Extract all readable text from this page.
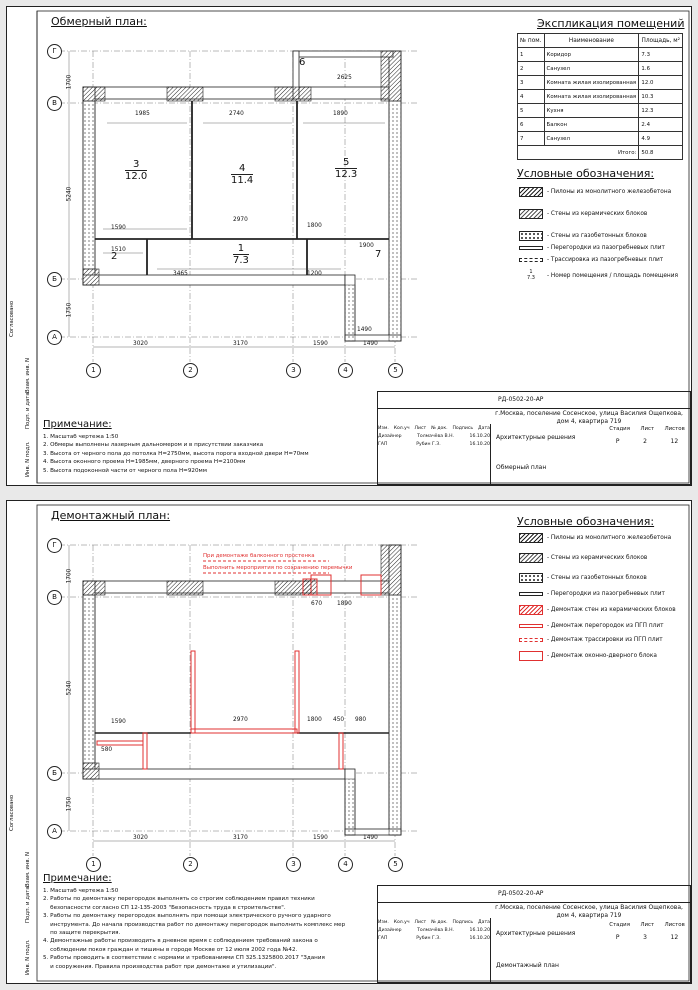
Обмерный план:
Г
В
Б
А
1	2	3	4	5
3020	3170	1590	1490
1700
5240
1750
1985	2740	1890
1590
1510
2970
1800
2625
1900
3465	1200
1490
3
12.0
4
11.4
5
12.3
1
7.3
2
6
7
Экспликация помещений
№ пом.	Наименование	Площадь, м²
1	Коридор	7.3
2	Санузел	1.6
3	Комната жилая изолированная	12.0
4	Комната жилая изолированная	10.3
5	Кухня	12.3
6	Балкон	2.4
7	Санузел	4.9
Итого:		50.8
Условные обозначения:
- Пилоны из монолитного железобетона
- Стены из керамических блоков
- Стены из газобетонных блоков
- Перегородки из пазогребневых плит
- Трассировка из пазогребневых плит
1
7.3	- Номер помещения / площадь помещения
Примечание:
1. Масштаб чертежа 1:50
2. Обмеры выполнены лазерным дальномером и в присутствии заказчика
3. Высота от черного пола до потолка H=2750мм, высота порога входной двери H=70мм
4. Высота оконного проема H=1985мм, дверного проема H=2100мм
5. Высота подоконной части от черного пола H=920мм
РД-0502-20-АР
г.Москва, поселение Сосенское, улица Василия Ощепкова, дом 4, квартира 719
Изм. Кол.уч Лист № док. Подпись Дата
Дизайнер	Толмачёва В.Н.	16.10.20
ГАП	Рубин Г.З.	16.10.20
Архитектурные решения
Обмерный план
Стадия Лист Листов
Р	2	12
Согласовано
Взам. инв. N
Подп. и дата
Инв. N подл.
Демонтажный план:
При демонтаже балконного простенка
Выполнить мероприятия по сохранению перемычки
Г
В
Б
А
1	2	3	4	5
3020	3170	1590	1490
1700
5240
1750
1590	2970	1800 450 980
580
670	1890
Условные обозначения:
- Пилоны из монолитного железобетона
- Стены из керамических блоков
- Стены из газобетонных блоков
- Перегородки из пазогребневых плит
- Демонтаж стен из керамических блоков
- Демонтаж перегородок из ПГП плит
- Демонтаж трассировки из ПГП плит
- Демонтаж оконно-дверного блока
Примечание:
1. Масштаб чертежа 1:50
2. Работы по демонтажу перегородок выполнять со строгим соблюдением правил техники
безопасности согласно СП 12-135-2003 "Безопасность труда в строительстве".
3. Работы по демонтажу перегородок выполнять при помощи электрического ручного ударного
инструмента. До начала производства работ по демонтажу перегородок выполнить комплекс мер
по защите перекрытия.
4. Демонтажные работы производить в дневное время с соблюдением требований закона о
соблюдении покоя граждан и тишины в городе Москве от 12 июля 2002 года №42.
5. Работы проводить в соответствии с нормами и требованиями СП 325.1325800.2017 "Здания
и сооружения. Правила производства работ при демонтаже и утилизации".
РД-0502-20-АР
г.Москва, поселение Сосенское, улица Василия Ощепкова, дом 4, квартира 719
Изм. Кол.уч Лист № док. Подпись Дата
Дизайнер	Толмачёва В.Н.	16.10.20
ГАП	Рубин Г.З.	16.10.20
Архитектурные решения
Демонтажный план
Стадия Лист Листов
Р	3	12
Согласовано
Взам. инв. N
Подп. и дата
Инв. N подл.
